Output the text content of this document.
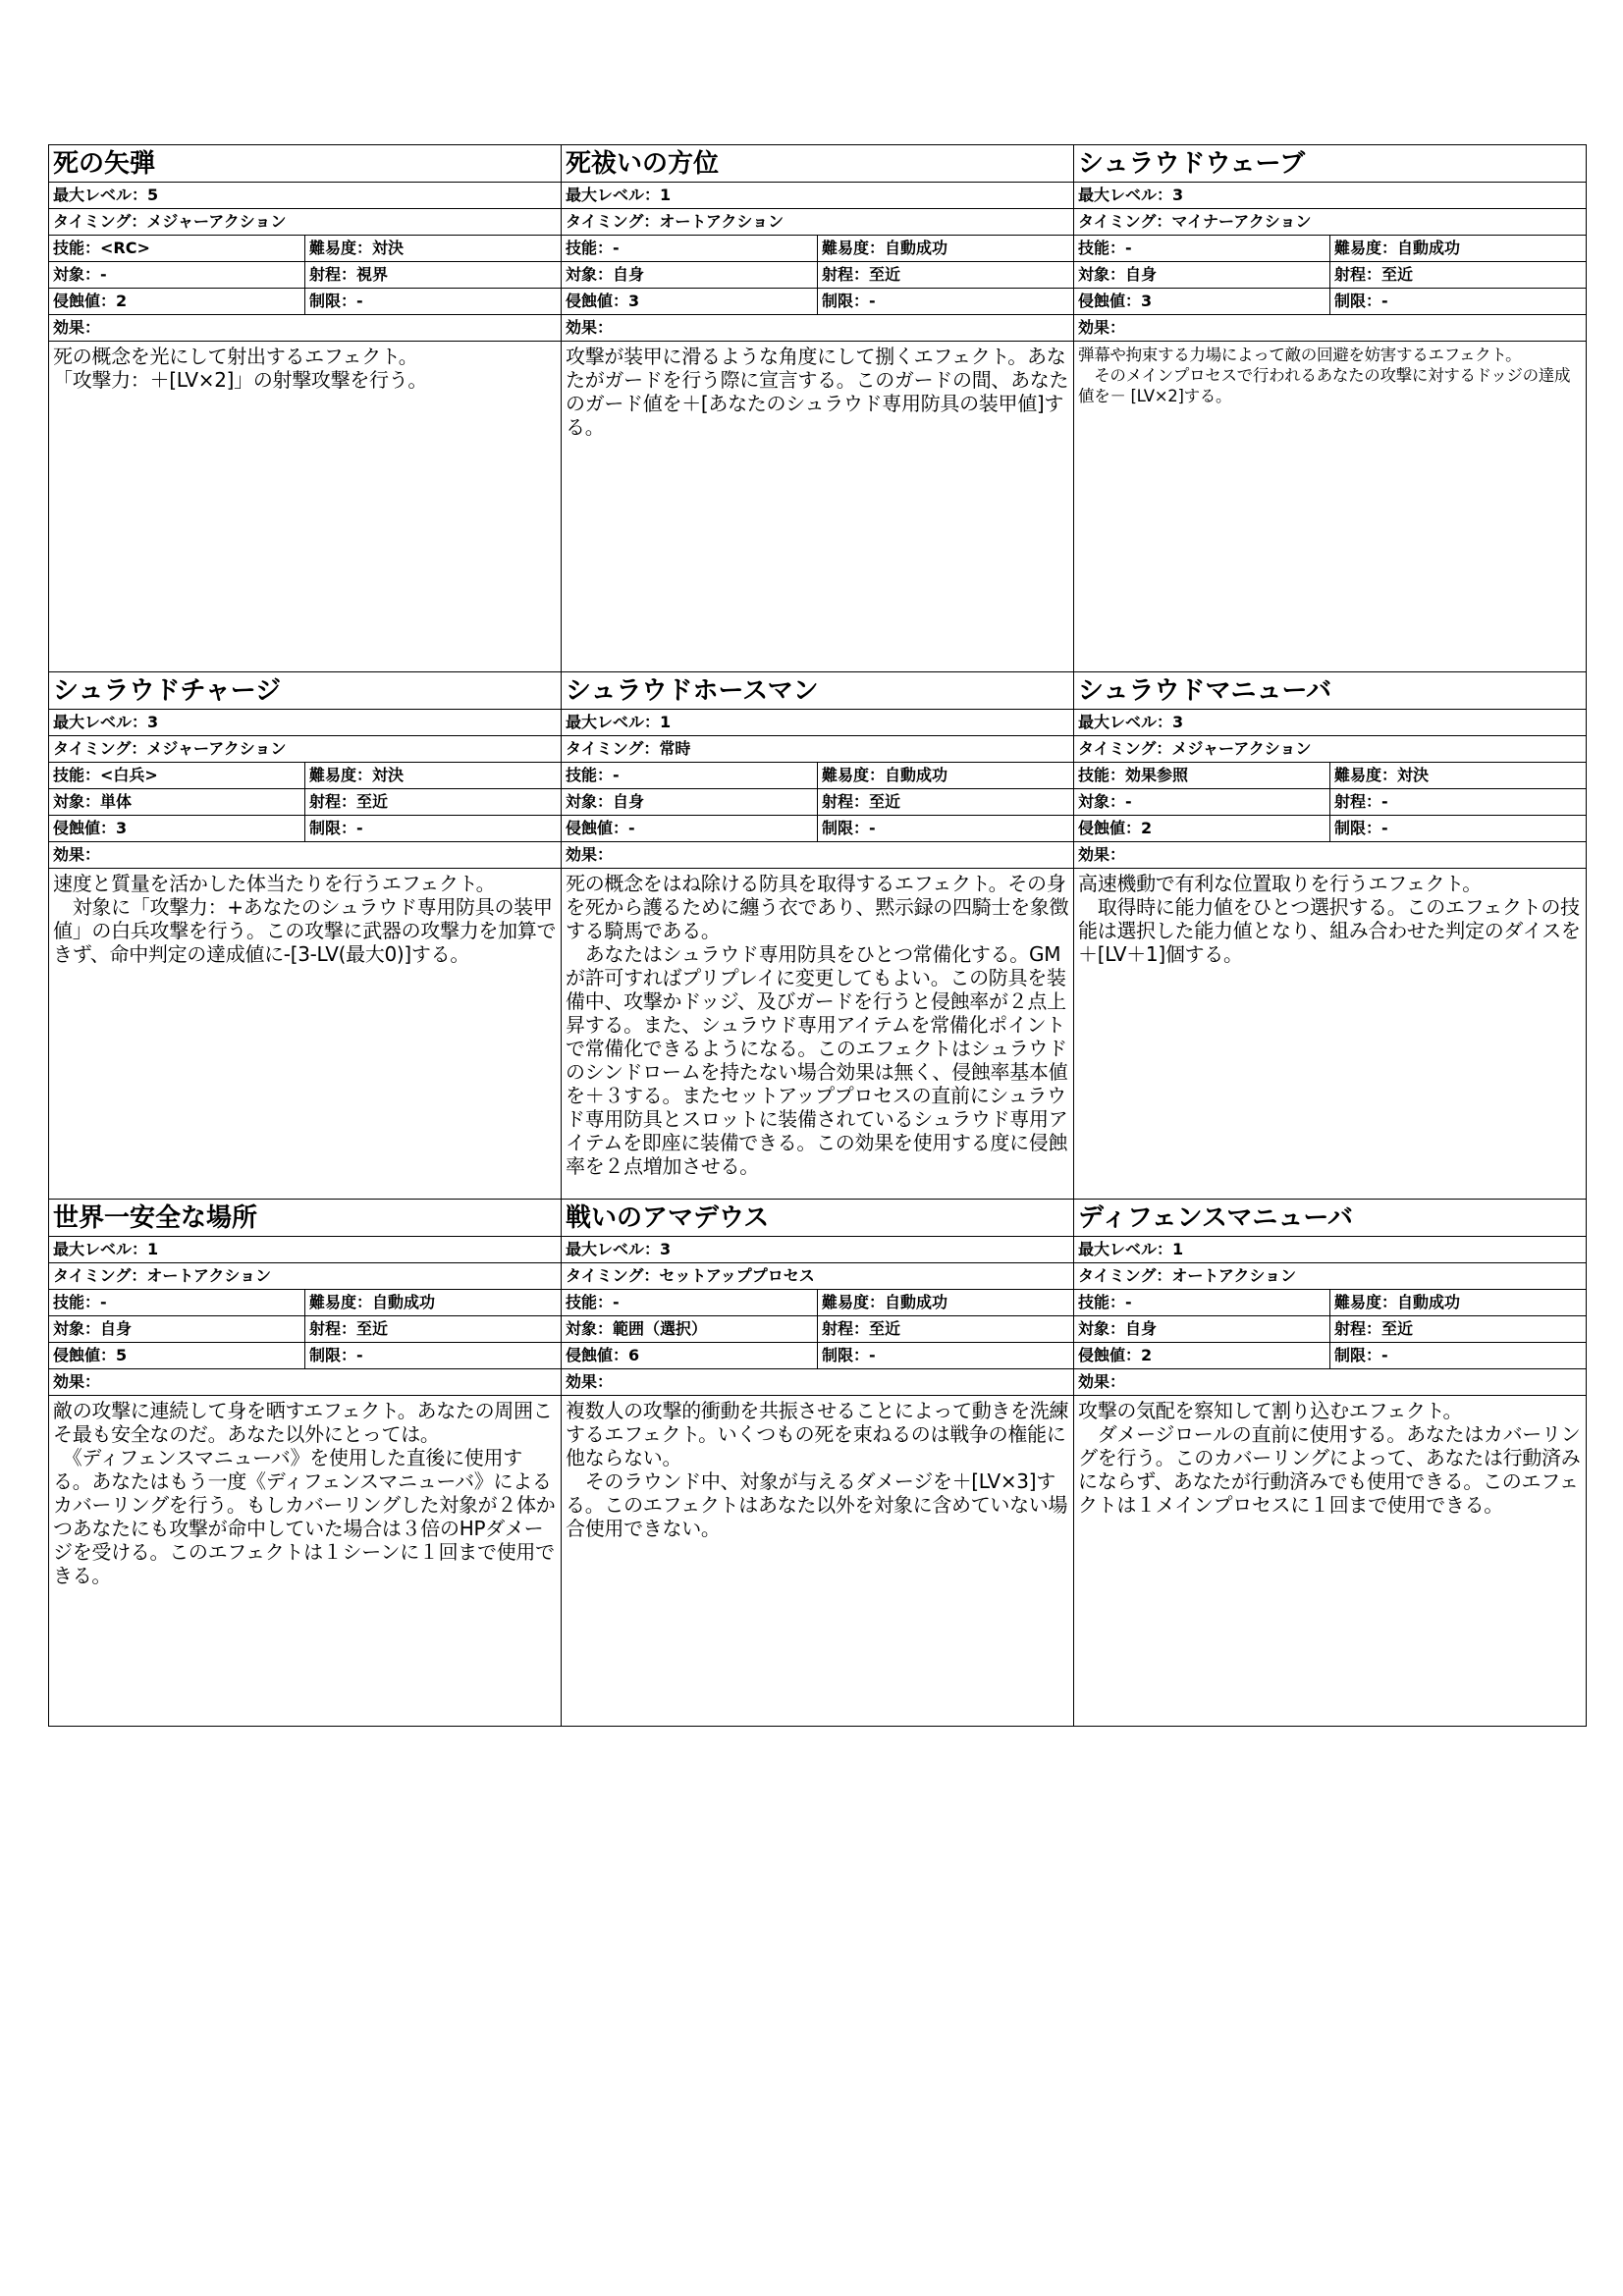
死の矢弾
最大レベル：5
タイミング：メジャーアクション
技能：<RC>	難易度：対決
対象：-	射程：視界
侵蝕値：2	制限：-
効果：
死の概念を光にして射出するエフェクト。
「攻撃力：＋[LV×2]」の射撃攻撃を行う。
死祓いの方位
最大レベル：1
タイミング：オートアクション
技能：-	難易度：自動成功
対象：自身	射程：至近
侵蝕値：3	制限：-
効果：
攻撃が装甲に滑るような角度にして捌くエフェクト。あなたがガードを行う際に宣言する。このガードの間、あなたのガード値を＋[あなたのシュラウド専用防具の装甲値]する。
シュラウドウェーブ
最大レベル：3
タイミング：マイナーアクション
技能：-	難易度：自動成功
対象：自身	射程：至近
侵蝕値：3	制限：-
効果：
弾幕や拘束する力場によって敵の回避を妨害するエフェクト。
　そのメインプロセスで行われるあなたの攻撃に対するドッジの達成値を－ [LV×2]する。
シュラウドチャージ
最大レベル：3
タイミング：メジャーアクション
技能：<白兵>	難易度：対決
対象：単体	射程：至近
侵蝕値：3	制限：-
効果：
速度と質量を活かした体当たりを行うエフェクト。
　対象に「攻撃力：+あなたのシュラウド専用防具の装甲値」の白兵攻撃を行う。この攻撃に武器の攻撃力を加算できず、命中判定の達成値に-[3-LV(最大0)]する。
シュラウドホースマン
最大レベル：1
タイミング：常時
技能：-	難易度：自動成功
対象：自身	射程：至近
侵蝕値：-	制限：-
効果：
死の概念をはね除ける防具を取得するエフェクト。その身を死から護るために纏う衣であり、黙示録の四騎士を象徴する騎馬である。
　あなたはシュラウド専用防具をひとつ常備化する。GMが許可すればプリプレイに変更してもよい。この防具を装備中、攻撃かドッジ、及びガードを行うと侵蝕率が２点上昇する。また、シュラウド専用アイテムを常備化ポイントで常備化できるようになる。このエフェクトはシュラウドのシンドロームを持たない場合効果は無く、侵蝕率基本値を＋３する。またセットアッププロセスの直前にシュラウド専用防具とスロットに装備されているシュラウド専用アイテムを即座に装備できる。この効果を使用する度に侵蝕率を２点増加させる。
シュラウドマニューバ
最大レベル：3
タイミング：メジャーアクション
技能：効果参照	難易度：対決
対象：-	射程：-
侵蝕値：2	制限：-
効果：
高速機動で有利な位置取りを行うエフェクト。
　取得時に能力値をひとつ選択する。このエフェクトの技能は選択した能力値となり、組み合わせた判定のダイスを＋[LV＋1]個する。
世界一安全な場所
最大レベル：1
タイミング：オートアクション
技能：-	難易度：自動成功
対象：自身	射程：至近
侵蝕値：5	制限：-
効果：
敵の攻撃に連続して身を晒すエフェクト。あなたの周囲こそ最も安全なのだ。あなた以外にとっては。
　《ディフェンスマニューバ》を使用した直後に使用する。あなたはもう一度《ディフェンスマニューバ》によるカバーリングを行う。もしカバーリングした対象が２体かつあなたにも攻撃が命中していた場合は３倍のHPダメージを受ける。このエフェクトは１シーンに１回まで使用できる。
戦いのアマデウス
最大レベル：3
タイミング：セットアッププロセス
技能：-	難易度：自動成功
対象：範囲（選択）	射程：至近
侵蝕値：6	制限：-
効果：
複数人の攻撃的衝動を共振させることによって動きを洗練するエフェクト。いくつもの死を束ねるのは戦争の権能に他ならない。
　そのラウンド中、対象が与えるダメージを＋[LV×3]する。このエフェクトはあなた以外を対象に含めていない場合使用できない。
ディフェンスマニューバ
最大レベル：1
タイミング：オートアクション
技能：-	難易度：自動成功
対象：自身	射程：至近
侵蝕値：2	制限：-
効果：
攻撃の気配を察知して割り込むエフェクト。
　ダメージロールの直前に使用する。あなたはカバーリングを行う。このカバーリングによって、あなたは行動済みにならず、あなたが行動済みでも使用できる。このエフェクトは１メインプロセスに１回まで使用できる。
